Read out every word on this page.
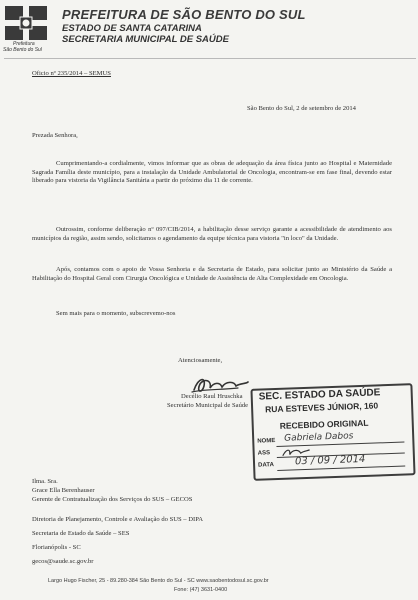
Prefeitura
São Bento do Sul
PREFEITURA DE SÃO BENTO DO SUL
ESTADO DE SANTA CATARINA
SECRETARIA MUNICIPAL DE SAÚDE
Oficio nº 235/2014 – SEMUS
São Bento do Sul, 2 de setembro de 2014
Prezada Senhora,
Cumprimentando-a cordialmente, vimos informar que as obras de adequação da área física junto ao Hospital e Maternidade Sagrada Família deste município, para a instalação da Unidade Ambulatorial de Oncologia, encontram-se em fase final, devendo estar liberado para vistoria da Vigilância Sanitária a partir do próximo dia 11 de corrente.
Outrossim, conforme deliberação nº 097/CIB/2014, a habilitação desse serviço garante a acessibilidade de atendimento aos municípios da região, assim sendo, solicitamos o agendamento da equipe técnica para vistoria "in loco" da Unidade.
Após, contamos com o apoio de Vossa Senhoria e da Secretaria de Estado, para solicitar junto ao Ministério da Saúde a Habilitação do Hospital Geral com Cirurgia Oncológica e Unidade de Assistência de Alta Complexidade em Oncologia.
Sem mais para o momento, subscrevemo-nos
Atenciosamente,
Decélio Raul Hruschka
Secretário Municipal de Saúde
SEC. ESTADO DA SAÚDE
RUA ESTEVES JÚNIOR, 160
RECEBIDO ORIGINAL
NOME Gabriela Dabos
ASS
DATA 03 / 09 / 2014
Ilma. Sra.
Grace Ella Berenhauser
Gerente de Contratualização dos Serviços do SUS – GECOS
Diretoria de Planejamento, Controle e Avaliação do SUS – DIPA
Secretaria de Estado da Saúde – SES
Florianópolis - SC
gecos@saude.sc.gov.br
Largo Hugo Fischer, 25 - 89.280-384 São Bento do Sul - SC www.saobentodosul.sc.gov.br
Fone: (47) 3631-0400
